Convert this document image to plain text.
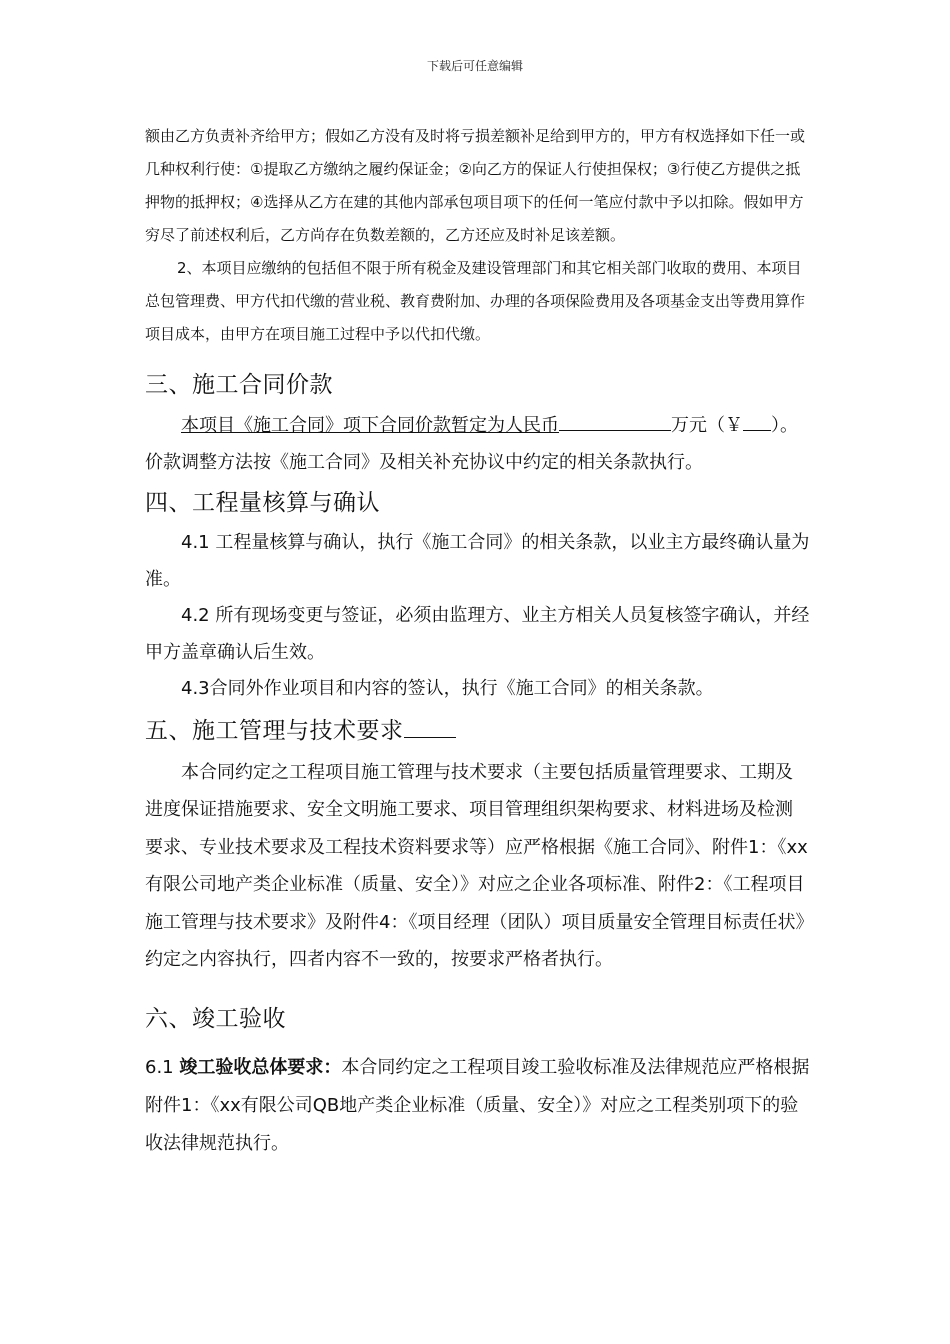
下载后可任意编辑

额由乙方负责补齐给甲方；假如乙方没有及时将亏损差额补足给到甲方的，甲方有权选择如下任一或几种权利行使：①提取乙方缴纳之履约保证金；②向乙方的保证人行使担保权；③行使乙方提供之抵押物的抵押权；④选择从乙方在建的其他内部承包项目项下的任何一笔应付款中予以扣除。假如甲方穷尽了前述权利后，乙方尚存在负数差额的，乙方还应及时补足该差额。

2、本项目应缴纳的包括但不限于所有税金及建设管理部门和其它相关部门收取的费用、本项目总包管理费、甲方代扣代缴的营业税、教育费附加、办理的各项保险费用及各项基金支出等费用算作项目成本，由甲方在项目施工过程中予以代扣代缴。

三、施工合同价款

本项目《施工合同》项下合同价款暂定为人民币	万元（￥ ）。价款调整方法按《施工合同》及相关补充协议中约定的相关条款执行。

四、工程量核算与确认

4.1 工程量核算与确认，执行《施工合同》的相关条款，以业主方最终确认量为准。

4.2 所有现场变更与签证，必须由监理方、业主方相关人员复核签字确认，并经甲方盖章确认后生效。

4.3合同外作业项目和内容的签认，执行《施工合同》的相关条款。

五、施工管理与技术要求

本合同约定之工程项目施工管理与技术要求（主要包括质量管理要求、工期及进度保证措施要求、安全文明施工要求、项目管理组织架构要求、材料进场及检测要求、专业技术要求及工程技术资料要求等）应严格根据《施工合同》、附件1：《xx有限公司地产类企业标准（质量、安全）》对应之企业各项标准、附件2：《工程项目施工管理与技术要求》及附件4：《项目经理（团队）项目质量安全管理目标责任状》约定之内容执行，四者内容不一致的，按要求严格者执行。

六、竣工验收

6.1 竣工验收总体要求：本合同约定之工程项目竣工验收标准及法律规范应严格根据附件1：《xx有限公司QB地产类企业标准（质量、安全）》对应之工程类别项下的验收法律规范执行。
